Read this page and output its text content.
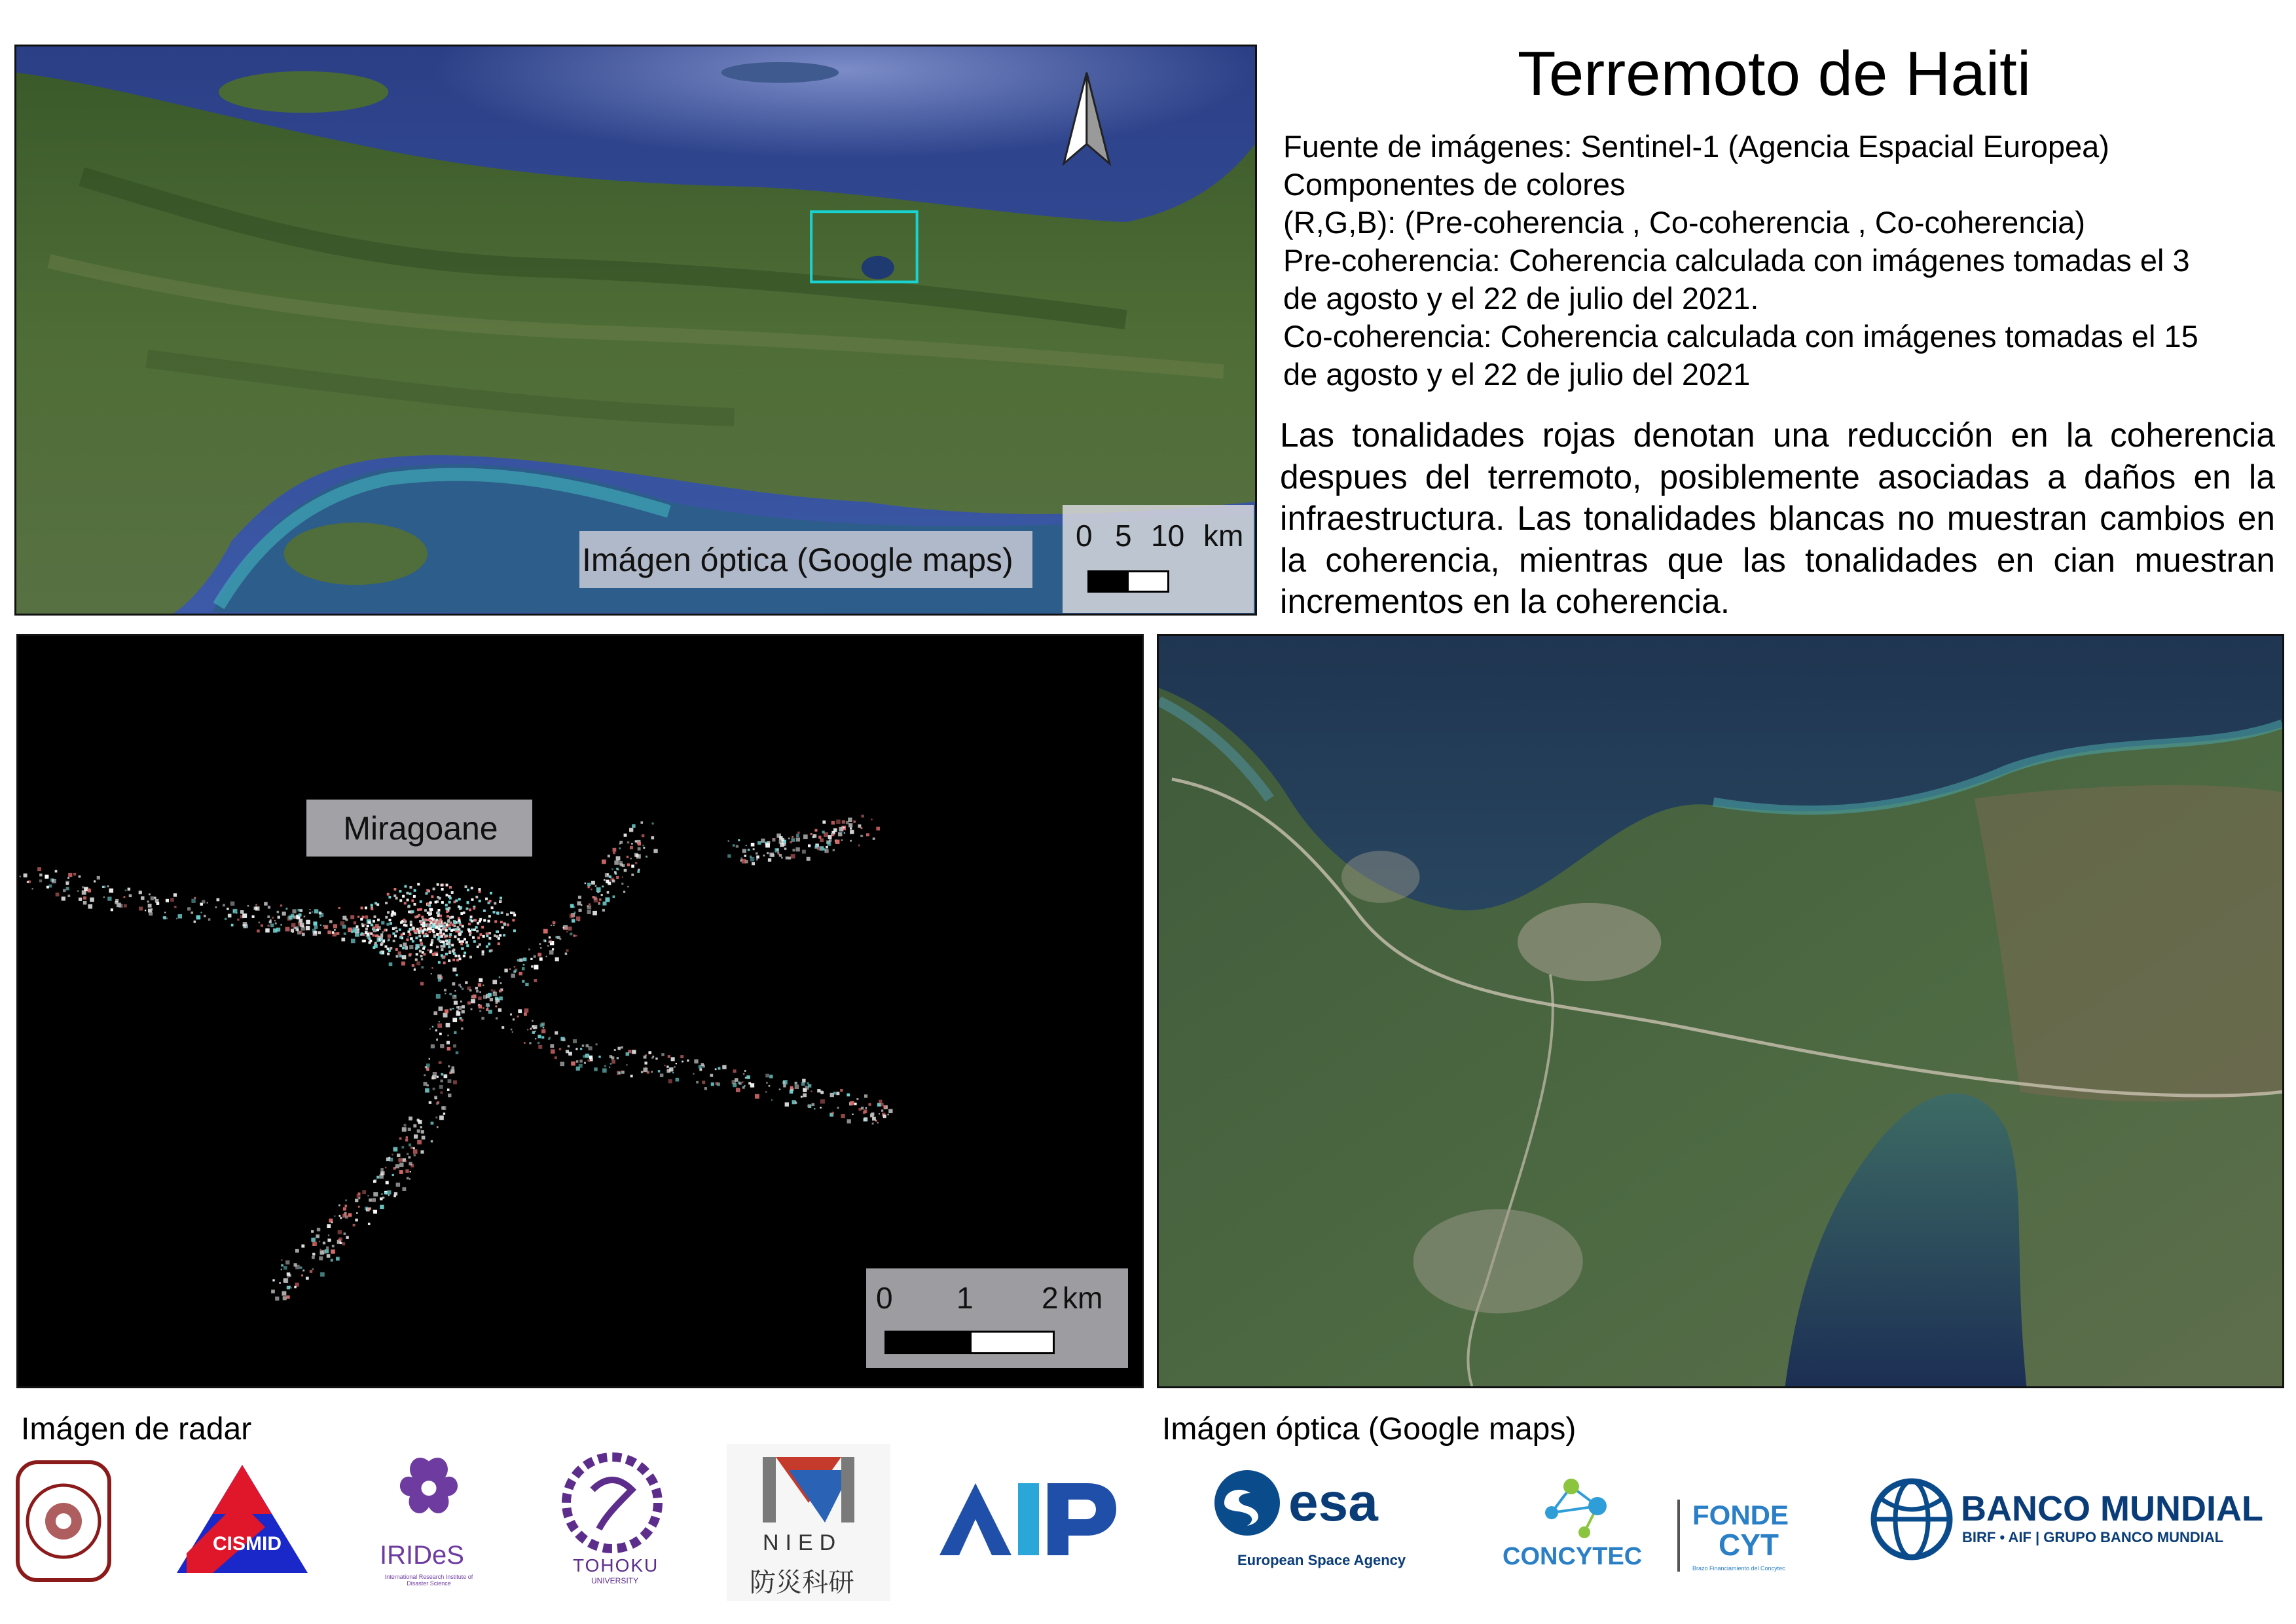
Imágen óptica (Google maps)
0 5 10 km
Terremoto de Haiti
Fuente de imágenes: Sentinel-1 (Agencia Espacial Europea)
Componentes de colores
(R,G,B): (Pre-coherencia , Co-coherencia , Co-coherencia)
Pre-coherencia: Coherencia calculada con imágenes tomadas el 3
de agosto y el 22 de julio del 2021.
Co-coherencia: Coherencia calculada con imágenes tomadas el 15
de agosto y el 22 de julio del 2021
Las tonalidades rojas denotan una reducción en la coherencia despues del terremoto, posiblemente asociadas a daños en la infraestructura. Las tonalidades blancas no muestran cambios en la coherencia, mientras que las tonalidades en cian muestran incrementos en la coherencia.
Miragoane
0 1 2 km
Imágen de radar	Imágen óptica (Google maps)
CISMID	IRIDeS
International Research Institute of Disaster Science
TOHOKU
UNIVERSITY
NIED
防災科研
esa
European Space Agency	CONCYTEC
FONDE
CYT
Brazo Financiamiento del Concytec
BANCO MUNDIAL
BIRF • AIF | GRUPO BANCO MUNDIAL
